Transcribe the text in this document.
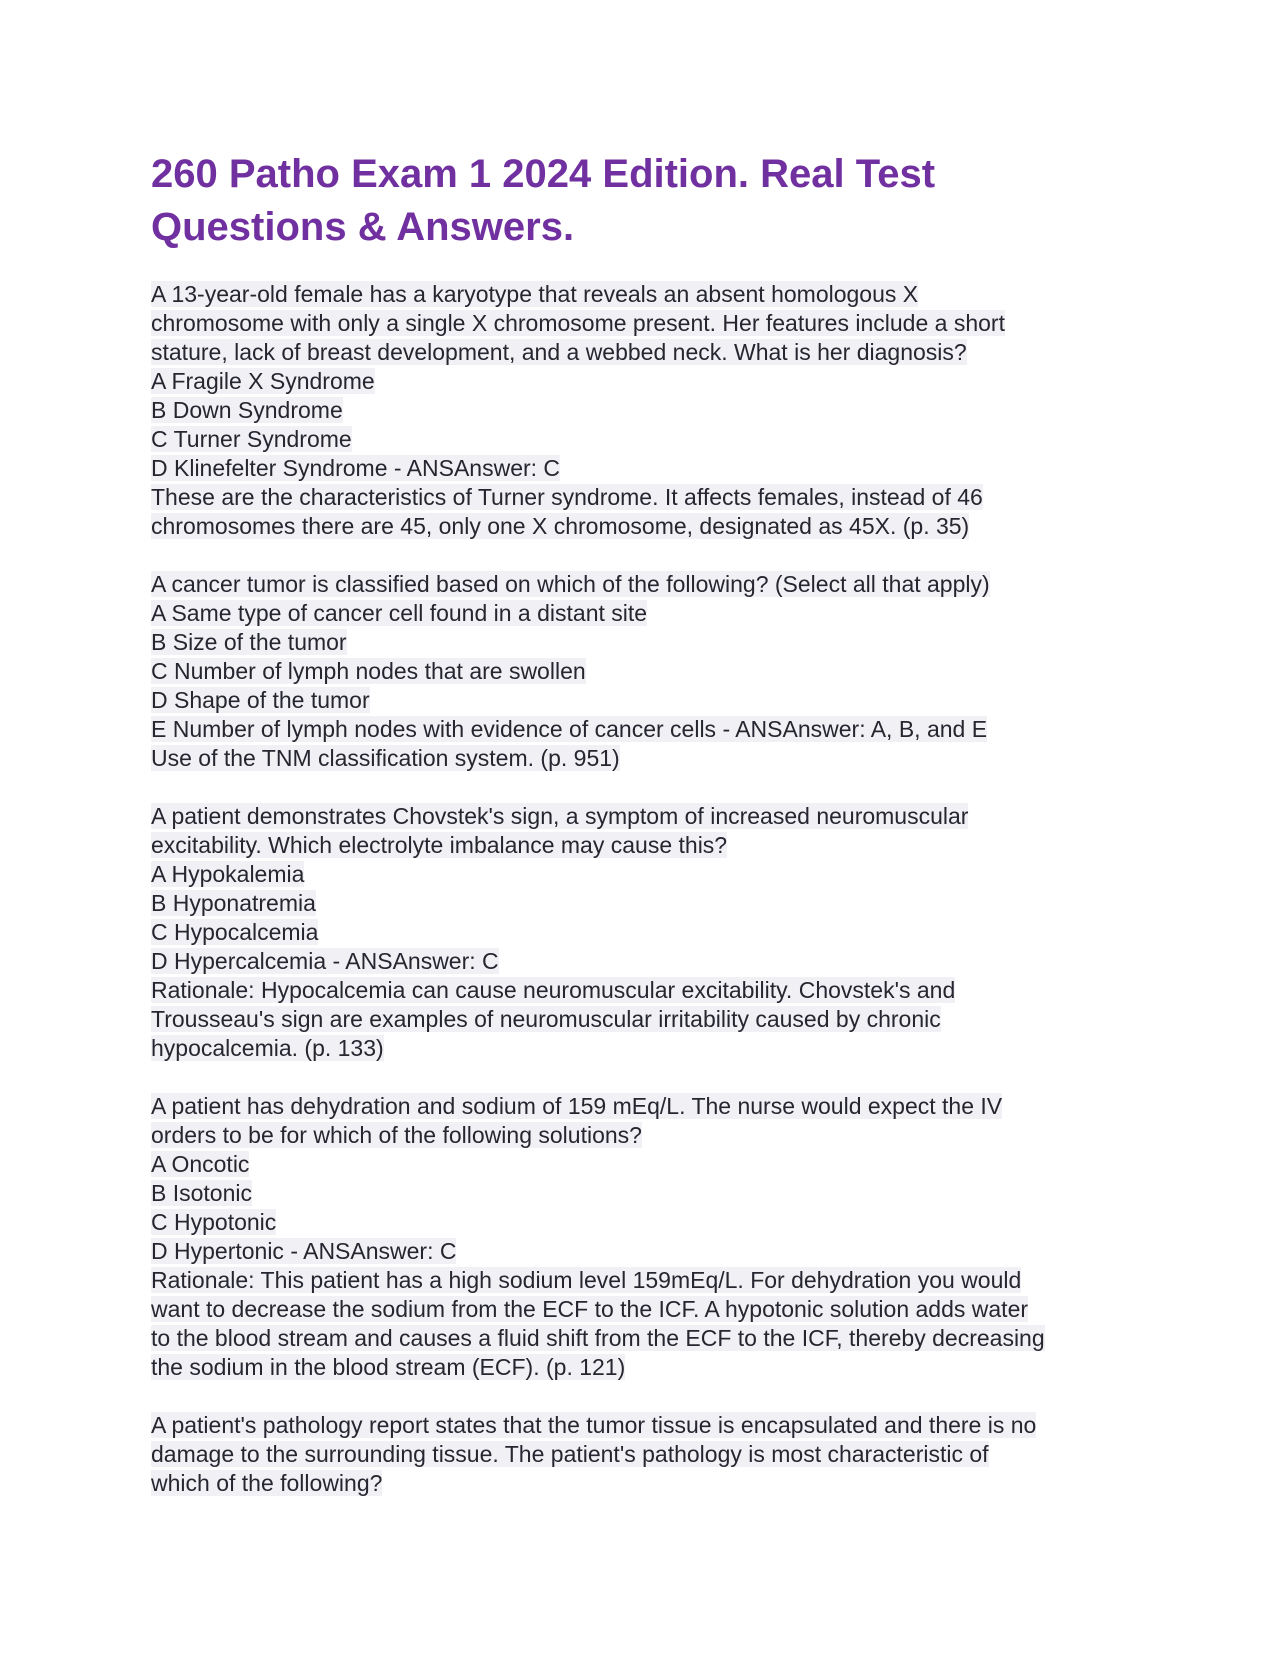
260 Patho Exam 1 2024 Edition. Real Test
Questions & Answers.
A 13-year-old female has a karyotype that reveals an absent homologous X
chromosome with only a single X chromosome present. Her features include a short
stature, lack of breast development, and a webbed neck. What is her diagnosis?
A Fragile X Syndrome
B Down Syndrome
C Turner Syndrome
D Klinefelter Syndrome - ANSAnswer: C
These are the characteristics of Turner syndrome. It affects females, instead of 46
chromosomes there are 45, only one X chromosome, designated as 45X. (p. 35)
A cancer tumor is classified based on which of the following? (Select all that apply)
A Same type of cancer cell found in a distant site
B Size of the tumor
C Number of lymph nodes that are swollen
D Shape of the tumor
E Number of lymph nodes with evidence of cancer cells - ANSAnswer: A, B, and E
Use of the TNM classification system. (p. 951)
A patient demonstrates Chovstek's sign, a symptom of increased neuromuscular
excitability. Which electrolyte imbalance may cause this?
A Hypokalemia
B Hyponatremia
C Hypocalcemia
D Hypercalcemia - ANSAnswer: C
Rationale: Hypocalcemia can cause neuromuscular excitability. Chovstek's and
Trousseau's sign are examples of neuromuscular irritability caused by chronic
hypocalcemia. (p. 133)
A patient has dehydration and sodium of 159 mEq/L. The nurse would expect the IV
orders to be for which of the following solutions?
A Oncotic
B Isotonic
C Hypotonic
D Hypertonic - ANSAnswer: C
Rationale: This patient has a high sodium level 159mEq/L. For dehydration you would
want to decrease the sodium from the ECF to the ICF. A hypotonic solution adds water
to the blood stream and causes a fluid shift from the ECF to the ICF, thereby decreasing
the sodium in the blood stream (ECF). (p. 121)
A patient's pathology report states that the tumor tissue is encapsulated and there is no
damage to the surrounding tissue. The patient's pathology is most characteristic of
which of the following?
